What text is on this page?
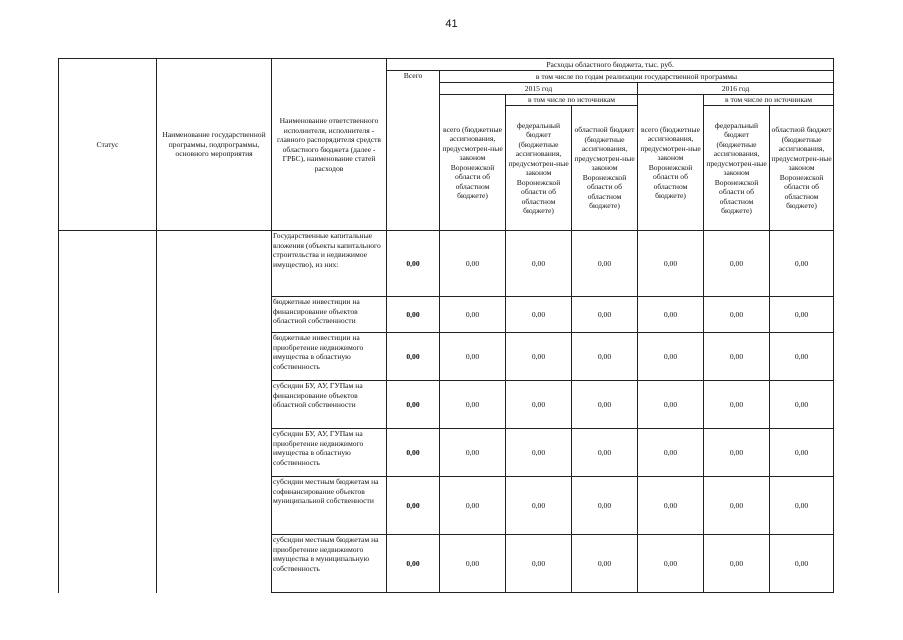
41
Статус	Наименование государственной программы, подпрограммы, основного мероприятия	Наименование ответственного исполнителя, исполнителя - главного распорядителя средств областного бюджета (далее - ГРБС), наименование статей расходов	Расходы областного бюджета, тыс. руб.						
			Всего	в том числе по годам реализации государственной программы					
				2015 год			2016 год		
				всего (бюджетные ассигнования, предусмотрен-ные законом Воронежской области об областном бюджете)	в том числе по источникам		всего (бюджетные ассигнования, предусмотрен-ные законом Воронежской области об областном бюджете)	в том числе по источникам	
					федеральный бюджет (бюджетные ассигнования, предусмотрен-ные законом Воронежской области об областном бюджете)	областной бюджет (бюджетные ассигнования, предусмотрен-ные законом Воронежской области об областном бюджете)		федеральный бюджет (бюджетные ассигнования, предусмотрен-ные законом Воронежской области об областном бюджете)	областной бюджет (бюджетные ассигнования, предусмотрен-ные законом Воронежской области об областном бюджете)
		Государственные капитальные вложения (объекты капитального строительства и недвижимое имущество), из них:	0,00	0,00	0,00	0,00	0,00	0,00	0,00
		бюджетные инвестиции на финансирование объектов областной собственности	0,00	0,00	0,00	0,00	0,00	0,00	0,00
		бюджетные инвестиции на приобретение недвижимого имущества в областную собственность	0,00	0,00	0,00	0,00	0,00	0,00	0,00
		субсидии БУ, АУ, ГУПам на финансирование объектов областной собственности	0,00	0,00	0,00	0,00	0,00	0,00	0,00
		субсидии БУ, АУ, ГУПам на приобретение недвижимого имущества в областную собственность	0,00	0,00	0,00	0,00	0,00	0,00	0,00
		субсидии местным бюджетам на софинансирование объектов муниципальной собственности	0,00	0,00	0,00	0,00	0,00	0,00	0,00
		субсидии местным бюджетам на приобретение недвижимого имущества в муниципальную собственность	0,00	0,00	0,00	0,00	0,00	0,00	0,00
